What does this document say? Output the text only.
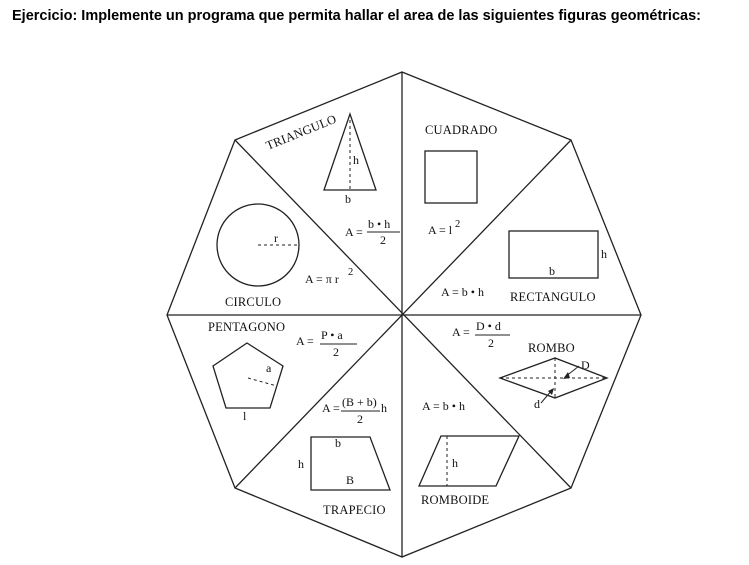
Ejercicio: Implemente un programa que permita hallar el area de las siguientes figuras geométricas:
TRIANGULO
h
b
A =
b • h
2
CUADRADO
A = l 2
h
b
A = b • h RECTANGULO
A = D • d
2	ROMBO
D
d
A = b • h
h
ROMBOIDE
A = (B + b) h
2
b
h
B
TRAPECIO
PENTAGONO
A = P • a
2
a
l
r
A = π r 2
CIRCULO
